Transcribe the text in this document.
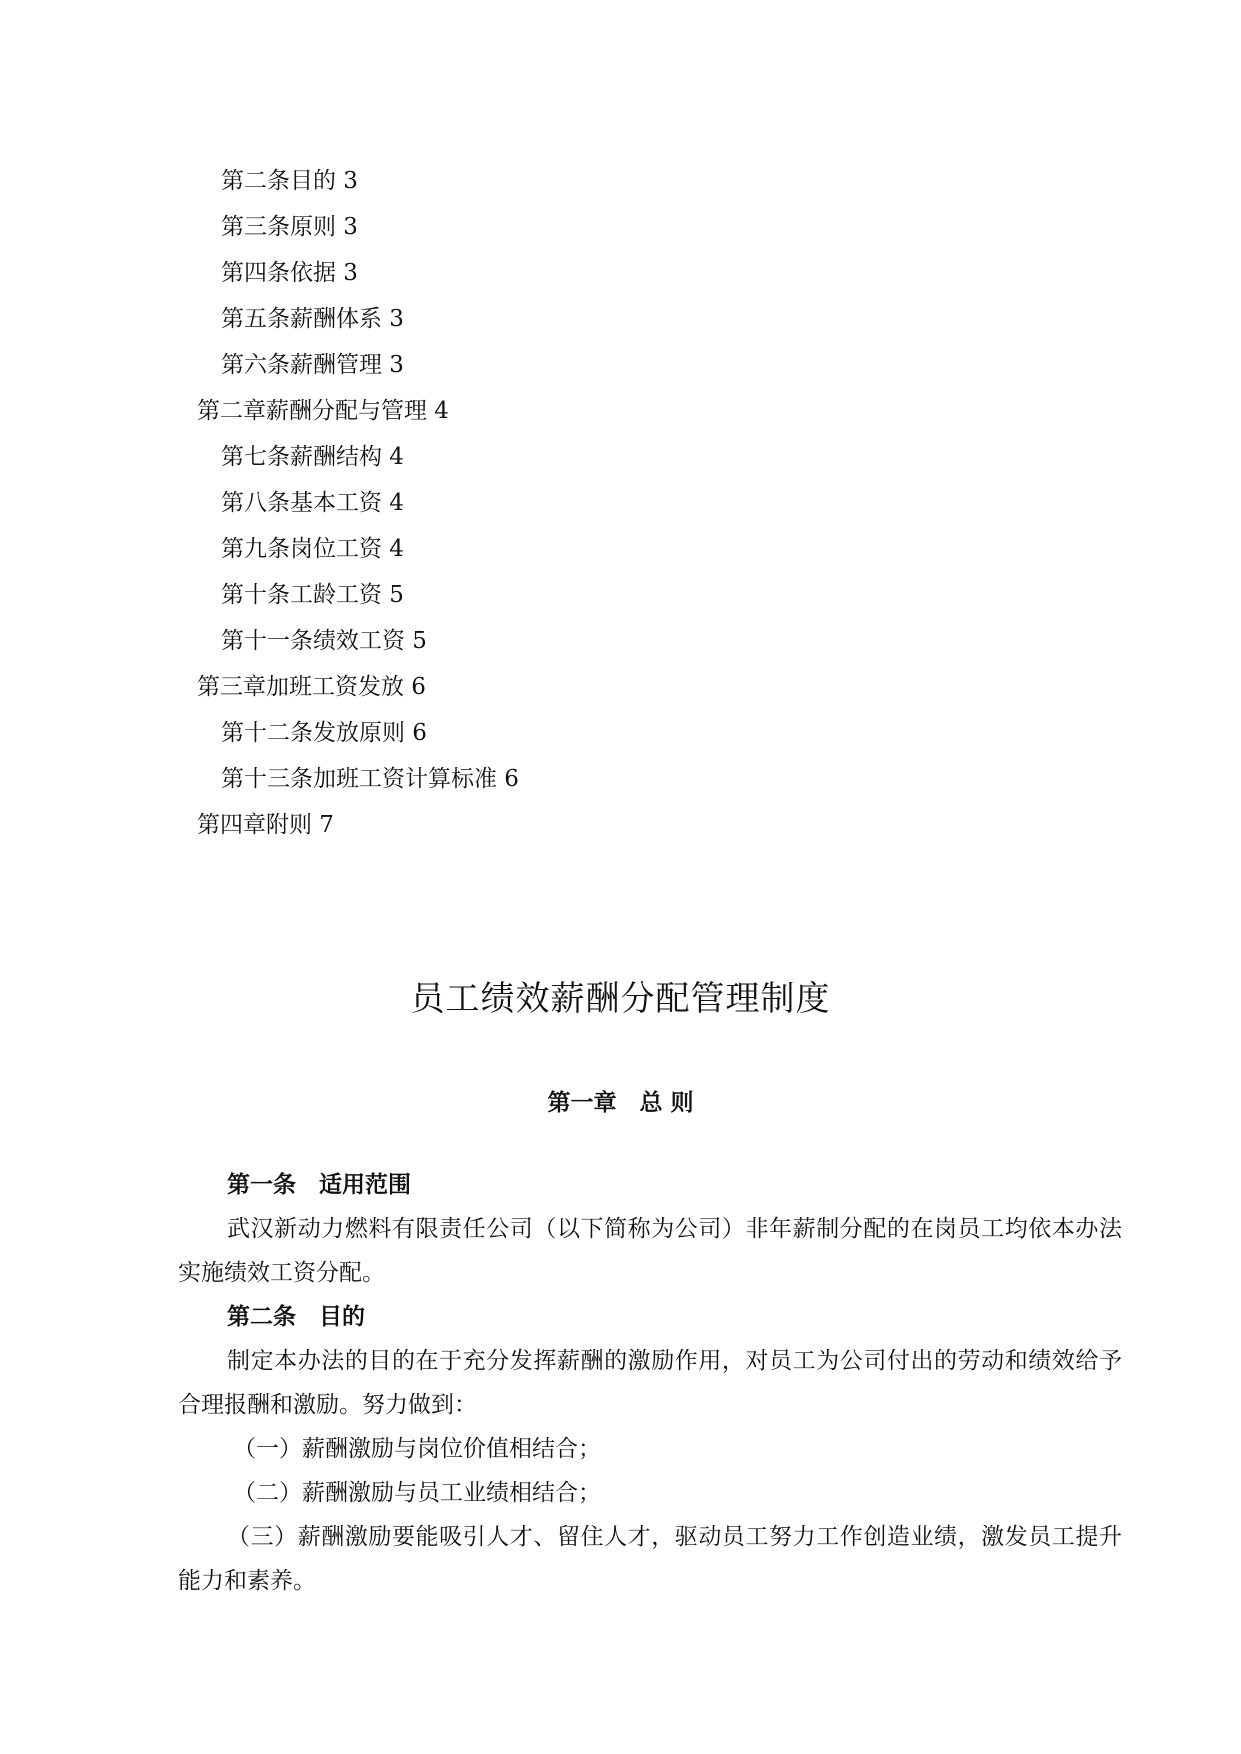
第二条目的 3
第三条原则 3
第四条依据 3
第五条薪酬体系 3
第六条薪酬管理 3
第二章薪酬分配与管理 4
第七条薪酬结构 4
第八条基本工资 4
第九条岗位工资 4
第十条工龄工资 5
第十一条绩效工资 5
第三章加班工资发放 6
第十二条发放原则 6
第十三条加班工资计算标准 6
第四章附则 7
员工绩效薪酬分配管理制度
第一章　总 则
第一条　适用范围

武汉新动力燃料有限责任公司（以下简称为公司）非年薪制分配的在岗员工均依本办法实施绩效工资分配。

第二条　目的

制定本办法的目的在于充分发挥薪酬的激励作用，对员工为公司付出的劳动和绩效给予合理报酬和激励。努力做到：

（一）薪酬激励与岗位价值相结合；

（二）薪酬激励与员工业绩相结合；

（三）薪酬激励要能吸引人才、留住人才，驱动员工努力工作创造业绩，激发员工提升能力和素养。
